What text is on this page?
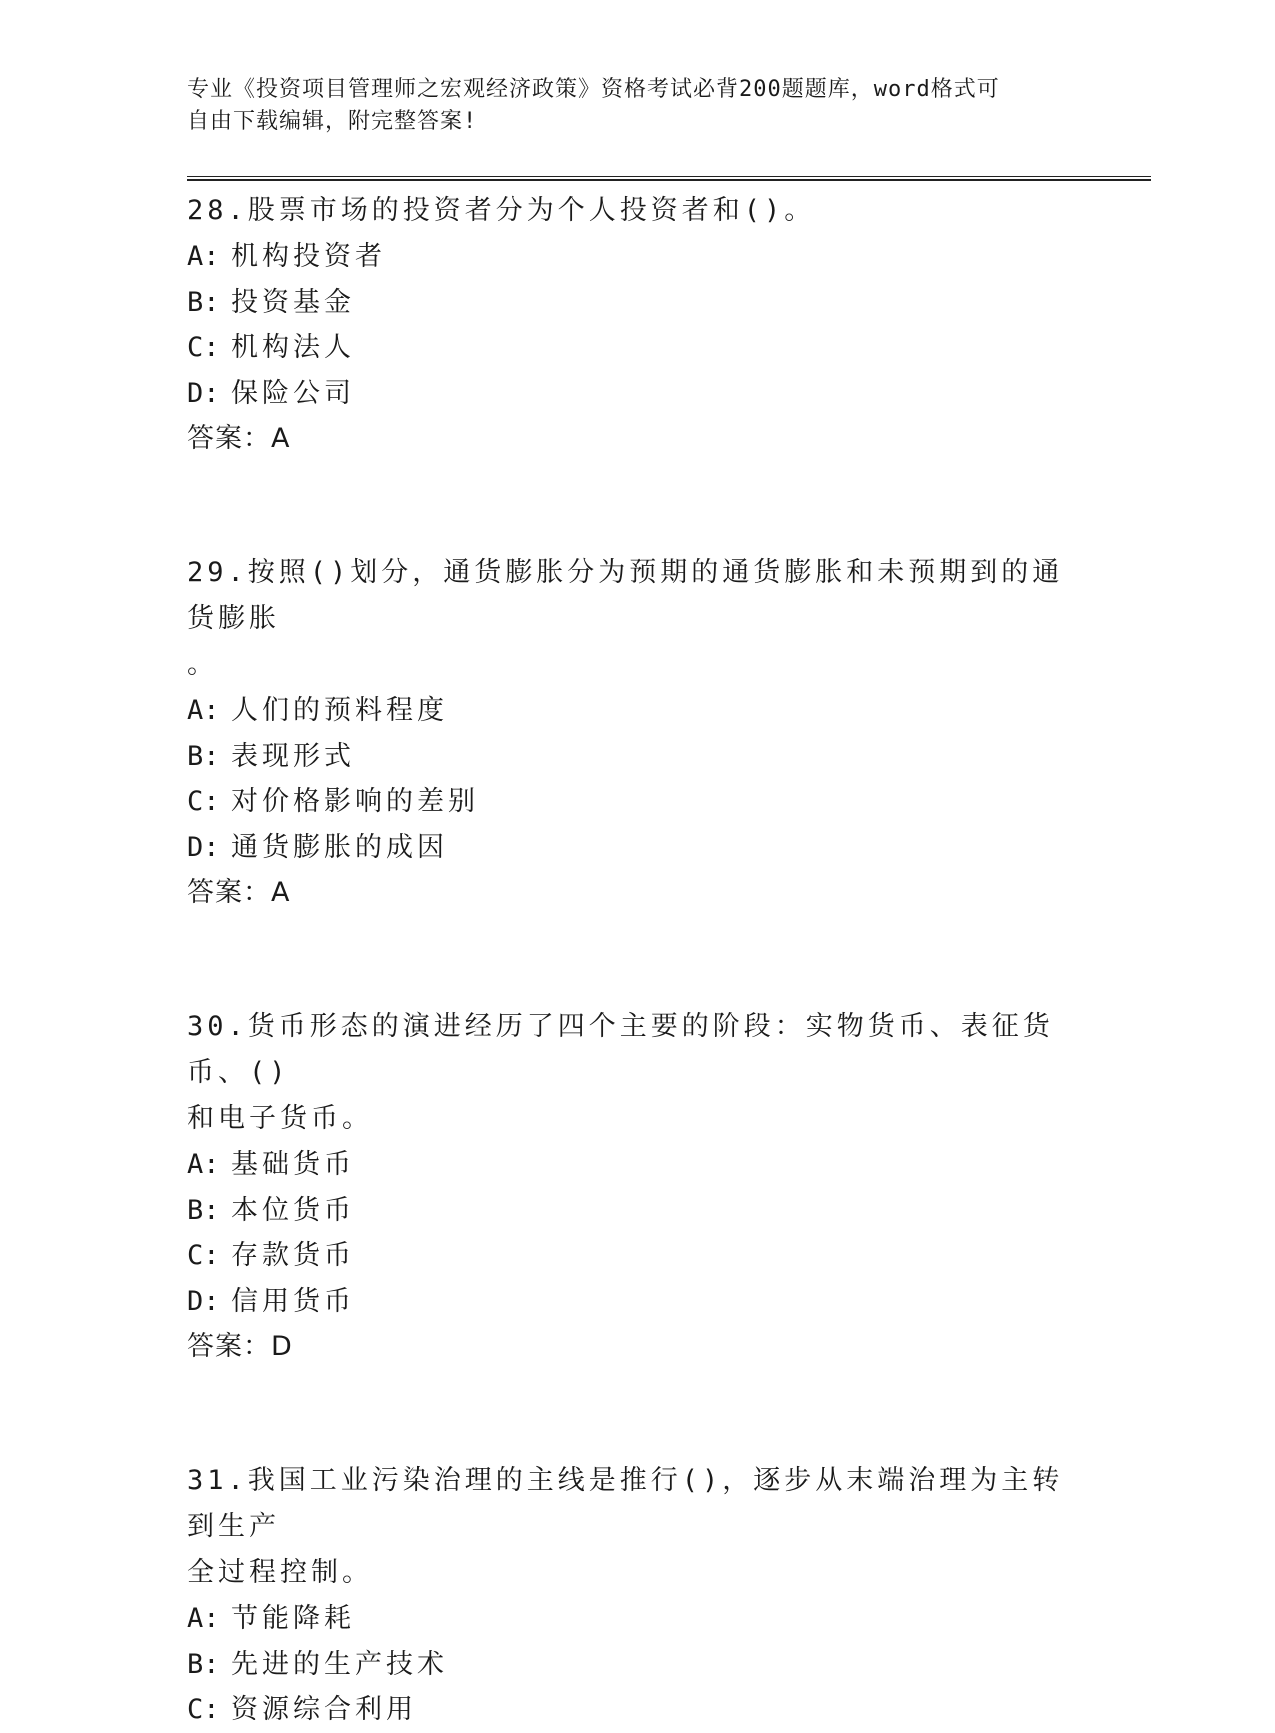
专业《投资项目管理师之宏观经济政策》资格考试必背200题题库，word格式可
自由下载编辑，附完整答案!

28.股票市场的投资者分为个人投资者和()。

A: 机构投资者

B: 投资基金

C: 机构法人

D: 保险公司

答案：A

29.按照()划分，通货膨胀分为预期的通货膨胀和未预期到的通货膨胀

。

A: 人们的预料程度

B: 表现形式

C: 对价格影响的差别

D: 通货膨胀的成因

答案：A

30.货币形态的演进经历了四个主要的阶段：实物货币、表征货币、()

和电子货币。

A: 基础货币

B: 本位货币

C: 存款货币

D: 信用货币

答案：D

31.我国工业污染治理的主线是推行()，逐步从末端治理为主转到生产

全过程控制。

A: 节能降耗

B: 先进的生产技术

C: 资源综合利用
